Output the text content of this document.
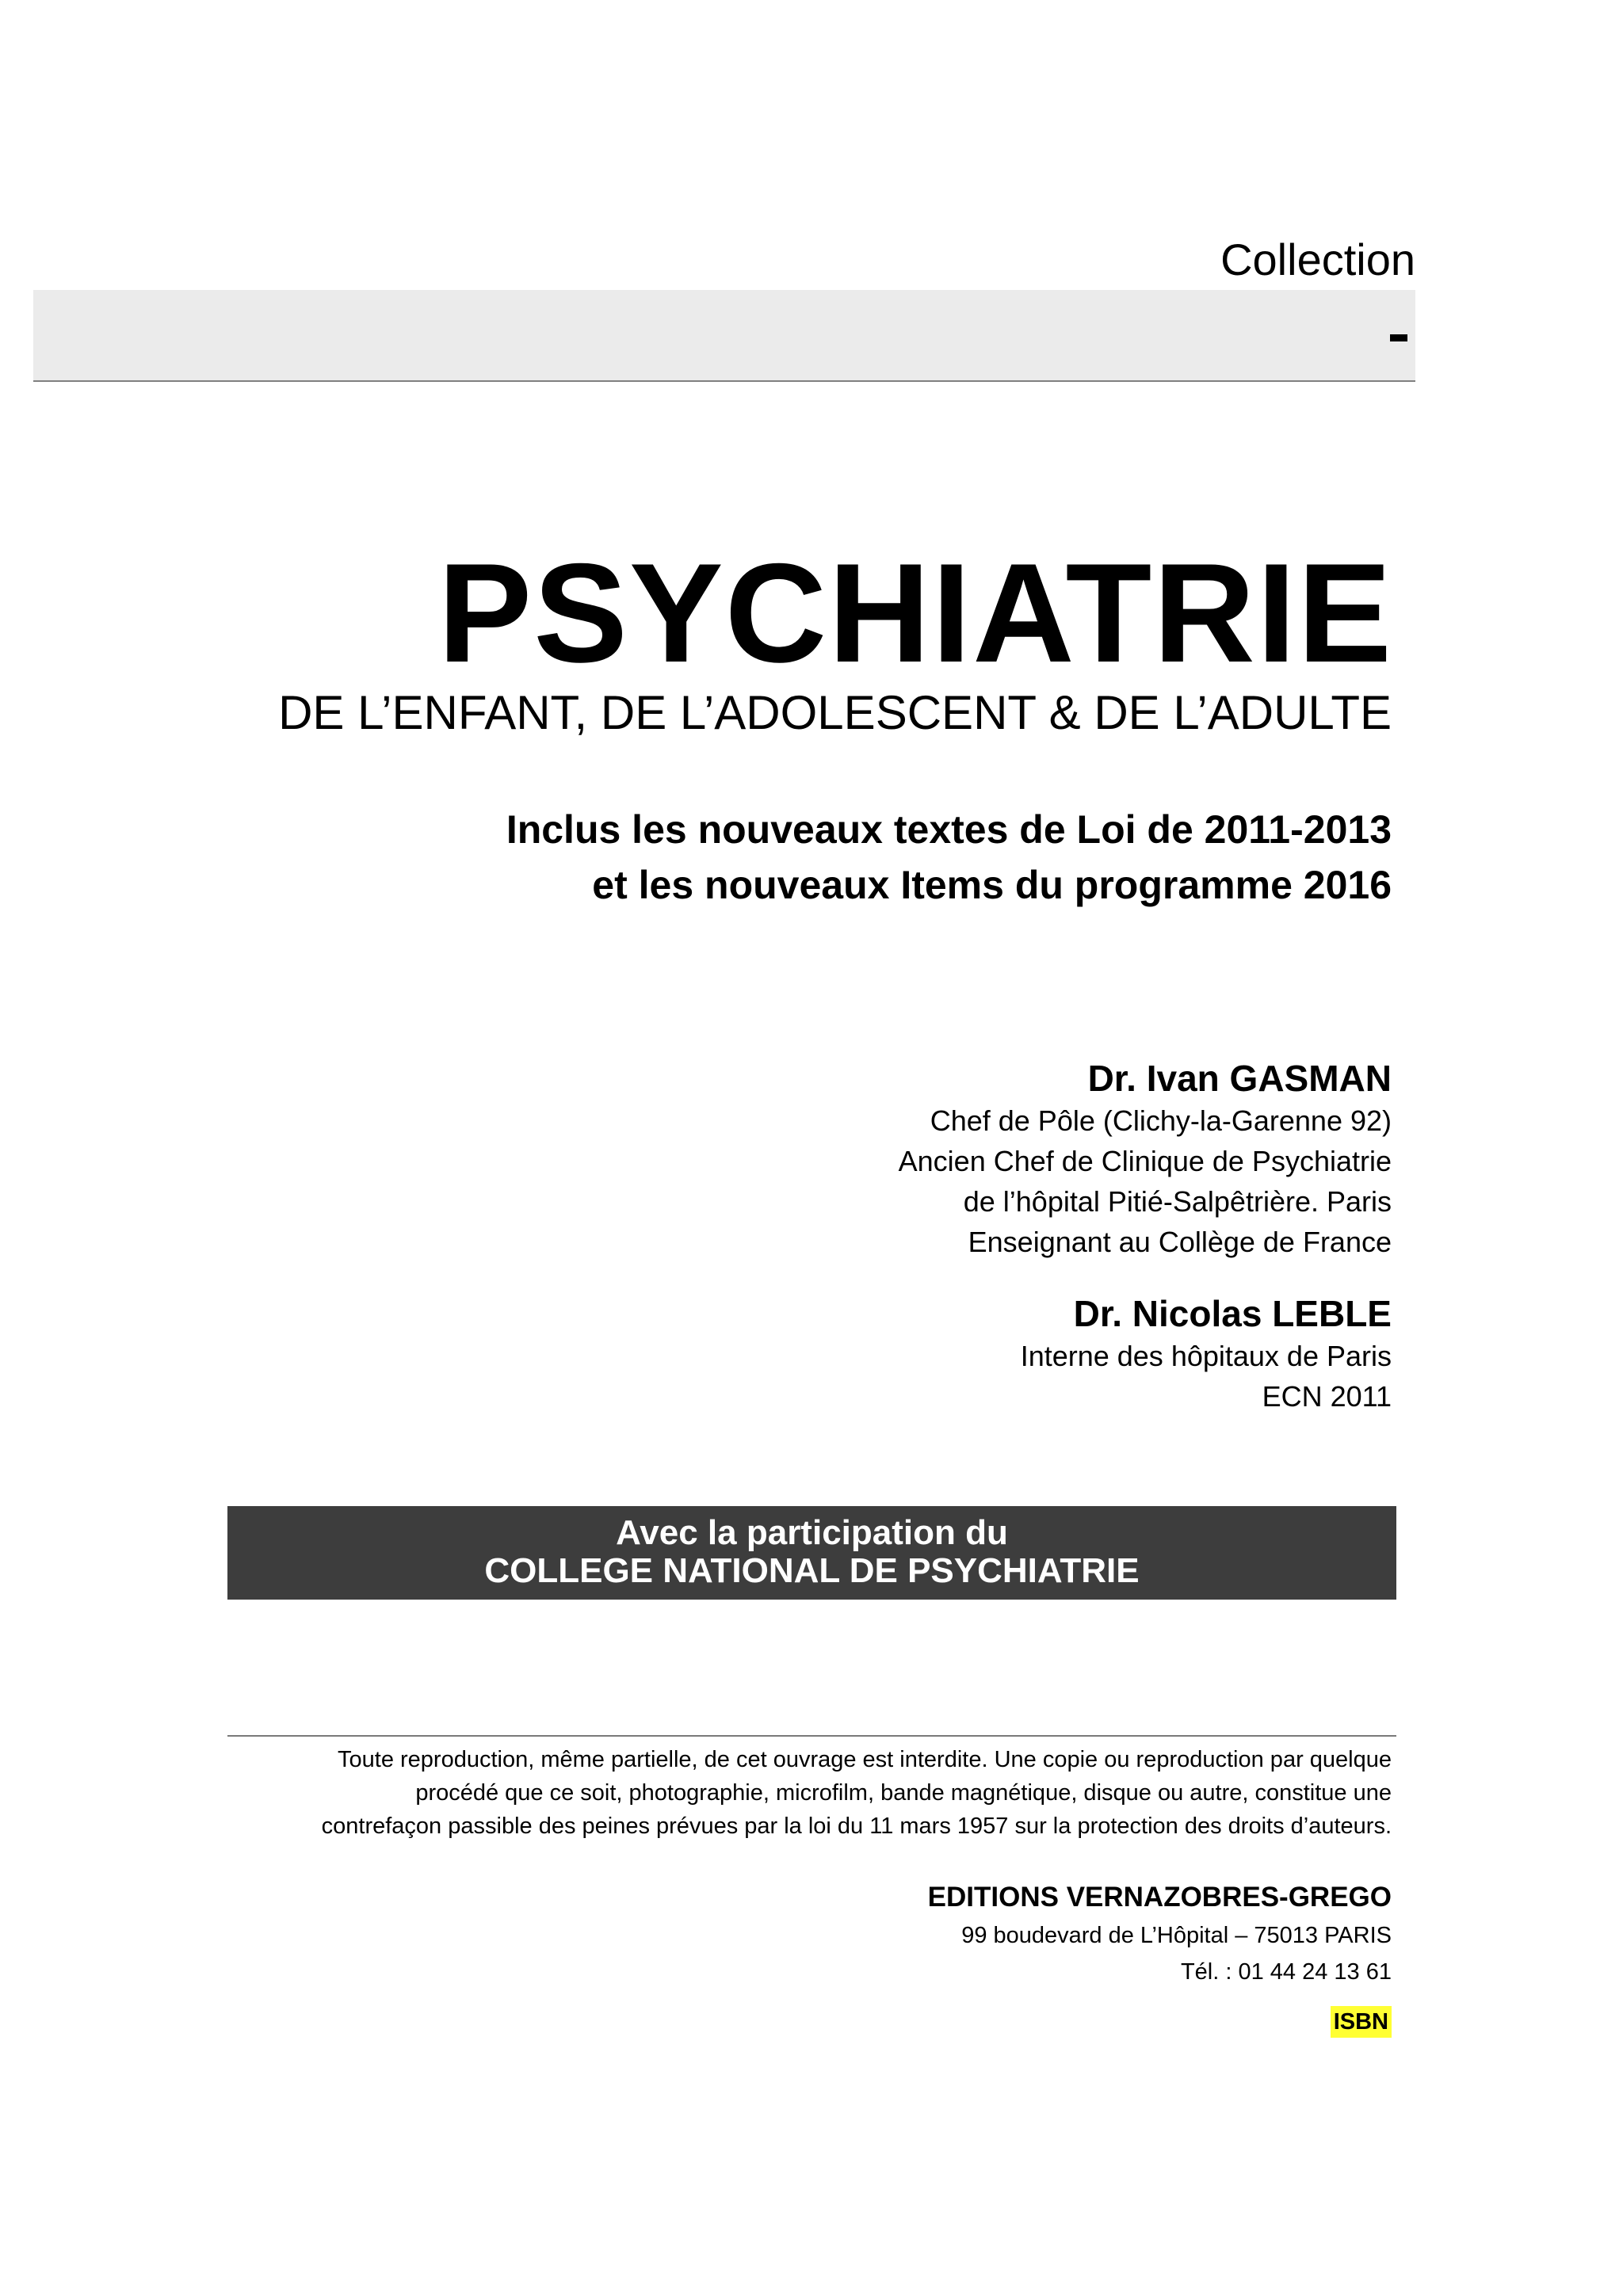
Collection
PSYCHIATRIE
DE L’ENFANT, DE L’ADOLESCENT & DE L’ADULTE
Inclus les nouveaux textes de Loi de 2011-2013
et les nouveaux Items du programme 2016
Dr. Ivan GASMAN
Chef de Pôle (Clichy-la-Garenne 92)
Ancien Chef de Clinique de Psychiatrie
de l’hôpital Pitié-Salpêtrière. Paris
Enseignant au Collège de France
Dr. Nicolas LEBLE
Interne des hôpitaux de Paris
ECN 2011
Avec la participation du
COLLEGE NATIONAL DE PSYCHIATRIE
Toute reproduction, même partielle, de cet ouvrage est interdite. Une copie ou reproduction par quelque
procédé que ce soit, photographie, microfilm, bande magnétique, disque ou autre, constitue une
contrefaçon passible des peines prévues par la loi du 11 mars 1957 sur la protection des droits d’auteurs.
EDITIONS VERNAZOBRES-GREGO
99 boudevard de L’Hôpital – 75013 PARIS
Tél. : 01 44 24 13 61
ISBN
